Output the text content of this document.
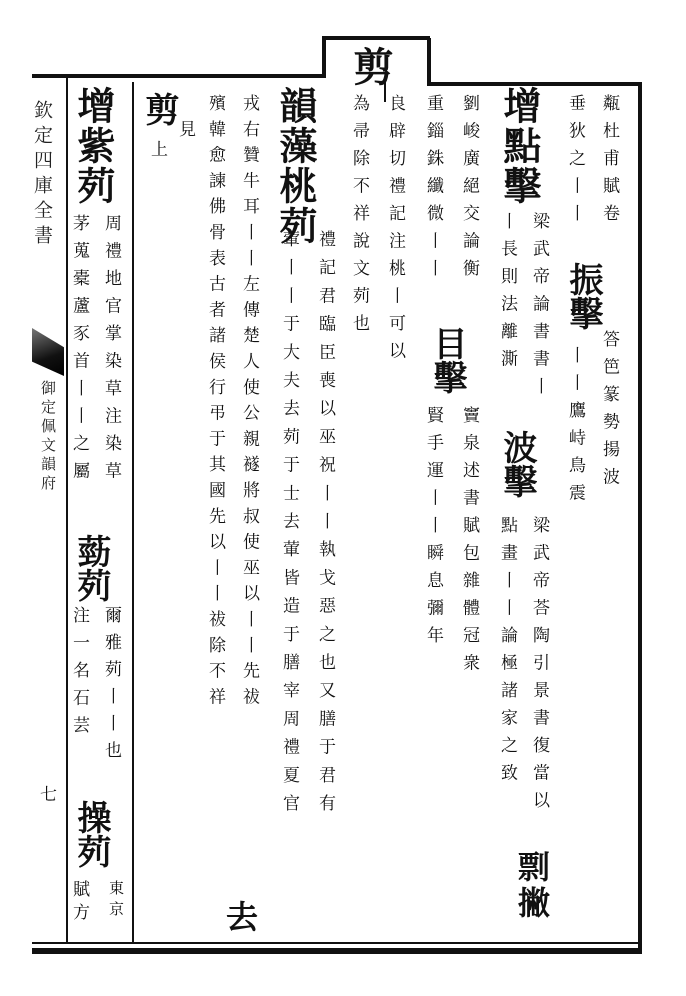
欽定四庫全書
御定佩文韻府
七
剪
甐杜甫賦卷
垂狄之丨丨
振擊
丨丨鷹峙鳥震 答笆篆勢揚波
增點擊
梁武帝論書書丨
丨長則法離澌
波擊
梁武帝荅陶引景書復當以
點畫丨丨論極諸家之致
剽撇
劉峻廣絕交論衡
重錙銖纖微丨丨
目擊
竇泉述書賦包雜體冠衆
賢手運丨丨瞬息彌年
良辟切禮記注桃丨可以
為帚除不祥說文茢也
韻藻桃茢
禮記君臨臣喪以巫祝丨丨執戈惡之也又膳于君有
葷丨丨于大夫去茢于士去葷皆造于膳宰周禮夏官
戎右贊牛耳丨丨左傳楚人使公親襚將叔使巫以丨丨先祓
殯韓愈諫佛骨表古者諸侯行弔于其國先以丨丨祓除不祥
去
剪
上
見
增紫茢
周禮地官掌染草注染草
茅蒐橐蘆豕首丨丨之屬
葝茢
爾雅茢丨丨也
注一名石芸
操茢
東京
賦方
